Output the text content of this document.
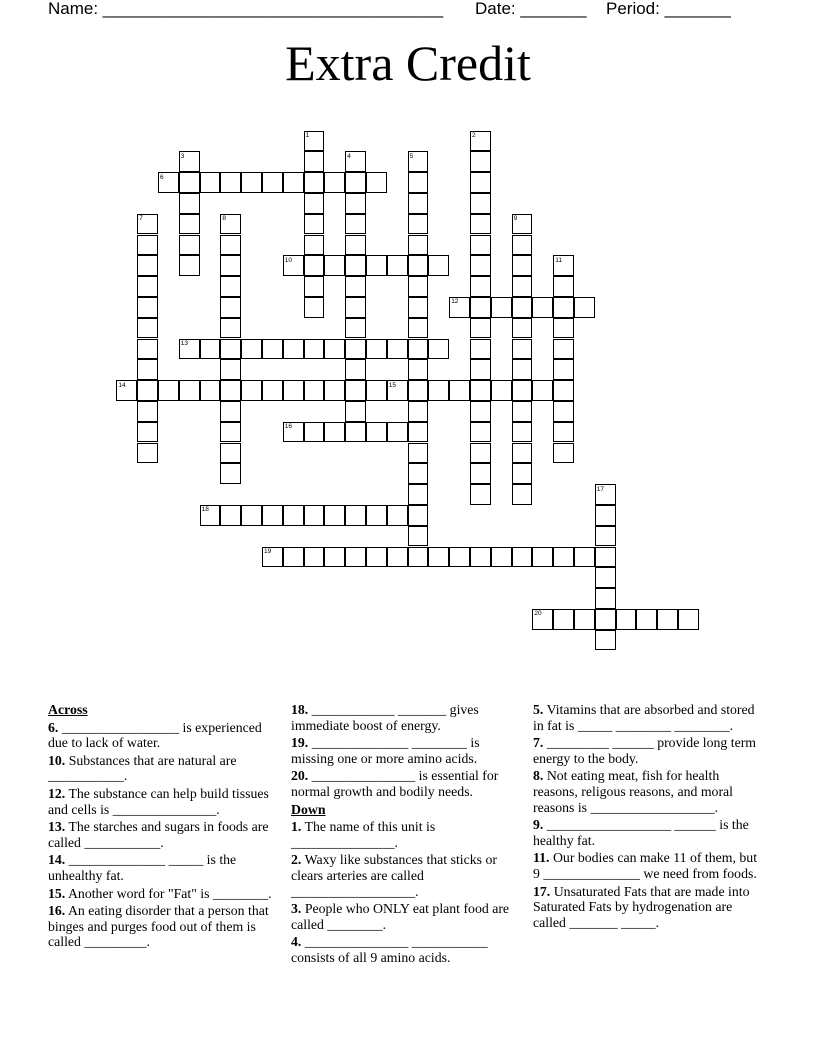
Name: ____________________________________ Date: _______ Period: _______
Extra Credit
1	2
3	4	5
6
7	8	9
10	11
12
13
14	15
16
17
18
19
20
Across
6. _________________ is experienced due to lack of water.
10. Substances that are natural are ___________.
12. The substance can help build tissues and cells is _______________.
13. The starches and sugars in foods are called ___________.
14. ______________ _____ is the unhealthy fat.
15. Another word for "Fat" is ________.
16. An eating disorder that a person that binges and purges food out of them is called _________.
18. ____________ _______ gives immediate boost of energy.
19. ______________ ________ is missing one or more amino acids.
20. _______________ is essential for normal growth and bodily needs.
Down
1. The name of this unit is _______________.
2. Waxy like substances that sticks or clears arteries are called __________________.
3. People who ONLY eat plant food are called ________.
4. _______________ ___________ consists of all 9 amino acids.
5. Vitamins that are absorbed and stored in fat is _____ ________ ________.
7. _________ ______ provide long term energy to the body.
8. Not eating meat, fish for health reasons, religous reasons, and moral reasons is __________________.
9. __________________ ______ is the healthy fat.
11. Our bodies can make 11 of them, but 9 ______________ we need from foods.
17. Unsaturated Fats that are made into Saturated Fats by hydrogenation are called _______ _____.
